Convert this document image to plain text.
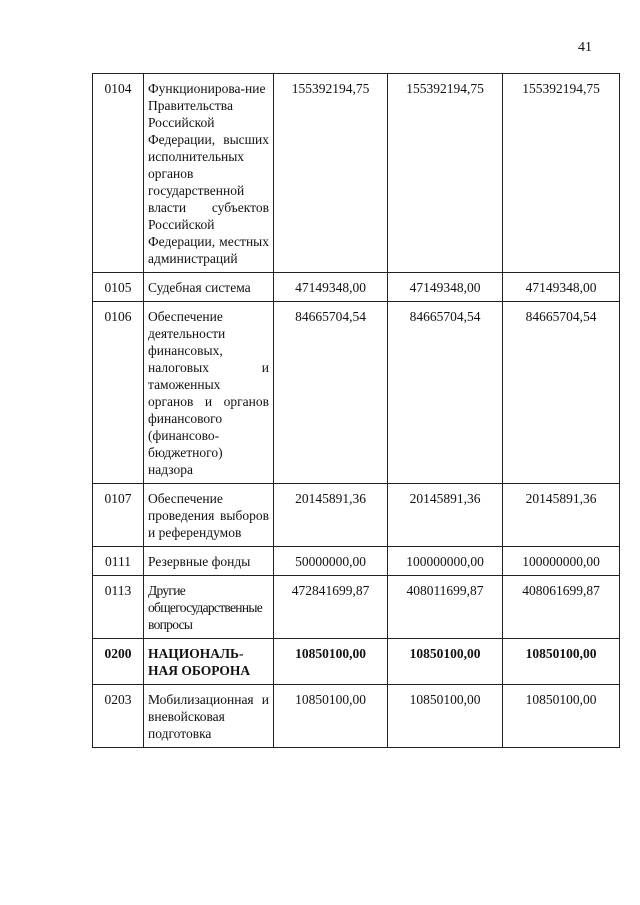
41
0104	Функционирова-ние Правительства Российской Федерации, высших исполнительных органов государственной власти субъектов Российской Федерации, местных администраций	155392194,75	155392194,75	155392194,75
0105	Судебная система	47149348,00	47149348,00	47149348,00
0106	Обеспечение деятельности финансовых, налоговых и таможенных органов и органов финансового (финансово-бюджетного) надзора	84665704,54	84665704,54	84665704,54
0107	Обеспечение проведения выборов и референдумов	20145891,36	20145891,36	20145891,36
0111	Резервные фонды	50000000,00	100000000,00	100000000,00
0113	Другие общегосударственные вопросы	472841699,87	408011699,87	408061699,87
0200	НАЦИОНАЛЬ-НАЯ ОБОРОНА	10850100,00	10850100,00	10850100,00
0203	Мобилизационная и вневойсковая подготовка	10850100,00	10850100,00	10850100,00
